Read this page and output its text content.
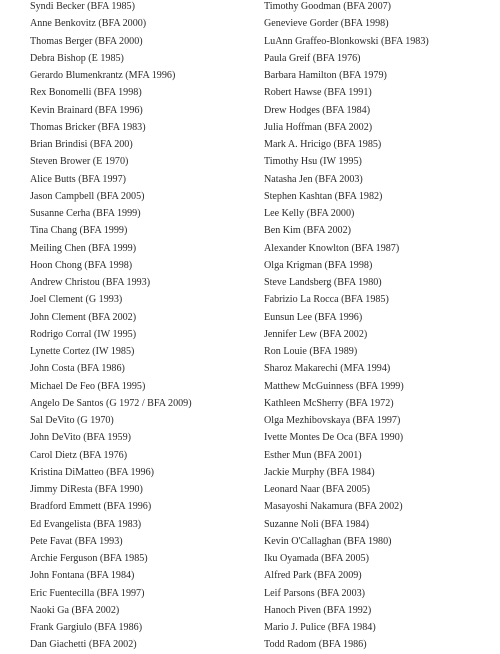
Syndi Becker (BFA 1985)
Anne Benkovitz (BFA 2000)
Thomas Berger (BFA 2000)
Debra Bishop (E 1985)
Gerardo Blumenkrantz (MFA 1996)
Rex Bonomelli (BFA 1998)
Kevin Brainard (BFA 1996)
Thomas Bricker (BFA 1983)
Brian Brindisi (BFA 200)
Steven Brower (E 1970)
Alice Butts (BFA 1997)
Jason Campbell (BFA 2005)
Susanne Cerha (BFA 1999)
Tina Chang (BFA 1999)
Meiling Chen (BFA 1999)
Hoon Chong (BFA 1998)
Andrew Christou (BFA 1993)
Joel Clement (G 1993)
John Clement (BFA 2002)
Rodrigo Corral (IW 1995)
Lynette Cortez (IW 1985)
John Costa (BFA 1986)
Michael De Feo (BFA 1995)
Angelo De Santos (G 1972 / BFA 2009)
Sal DeVito (G 1970)
John DeVito (BFA 1959)
Carol Dietz (BFA 1976)
Kristina DiMatteo (BFA 1996)
Jimmy DiResta (BFA 1990)
Bradford Emmett (BFA 1996)
Ed Evangelista (BFA 1983)
Pete Favat (BFA 1993)
Archie Ferguson (BFA 1985)
John Fontana (BFA 1984)
Eric Fuentecilla (BFA 1997)
Naoki Ga (BFA 2002)
Frank Gargiulo (BFA 1986)
Dan Giachetti (BFA 2002)
Timothy Goodman (BFA 2007)
Genevieve Gorder (BFA 1998)
LuAnn Graffeo-Blonkowski (BFA 1983)
Paula Greif (BFA 1976)
Barbara Hamilton (BFA 1979)
Robert Hawse (BFA 1991)
Drew Hodges (BFA 1984)
Julia Hoffman (BFA 2002)
Mark A. Hricigo (BFA 1985)
Timothy Hsu (IW 1995)
Natasha Jen (BFA 2003)
Stephen Kashtan (BFA 1982)
Lee Kelly (BFA 2000)
Ben Kim (BFA 2002)
Alexander Knowlton (BFA 1987)
Olga Krigman (BFA 1998)
Steve Landsberg (BFA 1980)
Fabrizio La Rocca (BFA 1985)
Eunsun Lee (BFA 1996)
Jennifer Lew (BFA 2002)
Ron Louie (BFA 1989)
Sharoz Makarechi (MFA 1994)
Matthew McGuinness (BFA 1999)
Kathleen McSherry (BFA 1972)
Olga Mezhibovskaya (BFA 1997)
Ivette Montes De Oca (BFA 1990)
Esther Mun (BFA 2001)
Jackie Murphy (BFA 1984)
Leonard Naar (BFA 2005)
Masayoshi Nakamura (BFA 2002)
Suzanne Noli (BFA 1984)
Kevin O'Callaghan (BFA 1980)
Iku Oyamada (BFA 2005)
Alfred Park (BFA 2009)
Leif Parsons (BFA 2003)
Hanoch Piven (BFA 1992)
Mario J. Pulice (BFA 1984)
Todd Radom (BFA 1986)
